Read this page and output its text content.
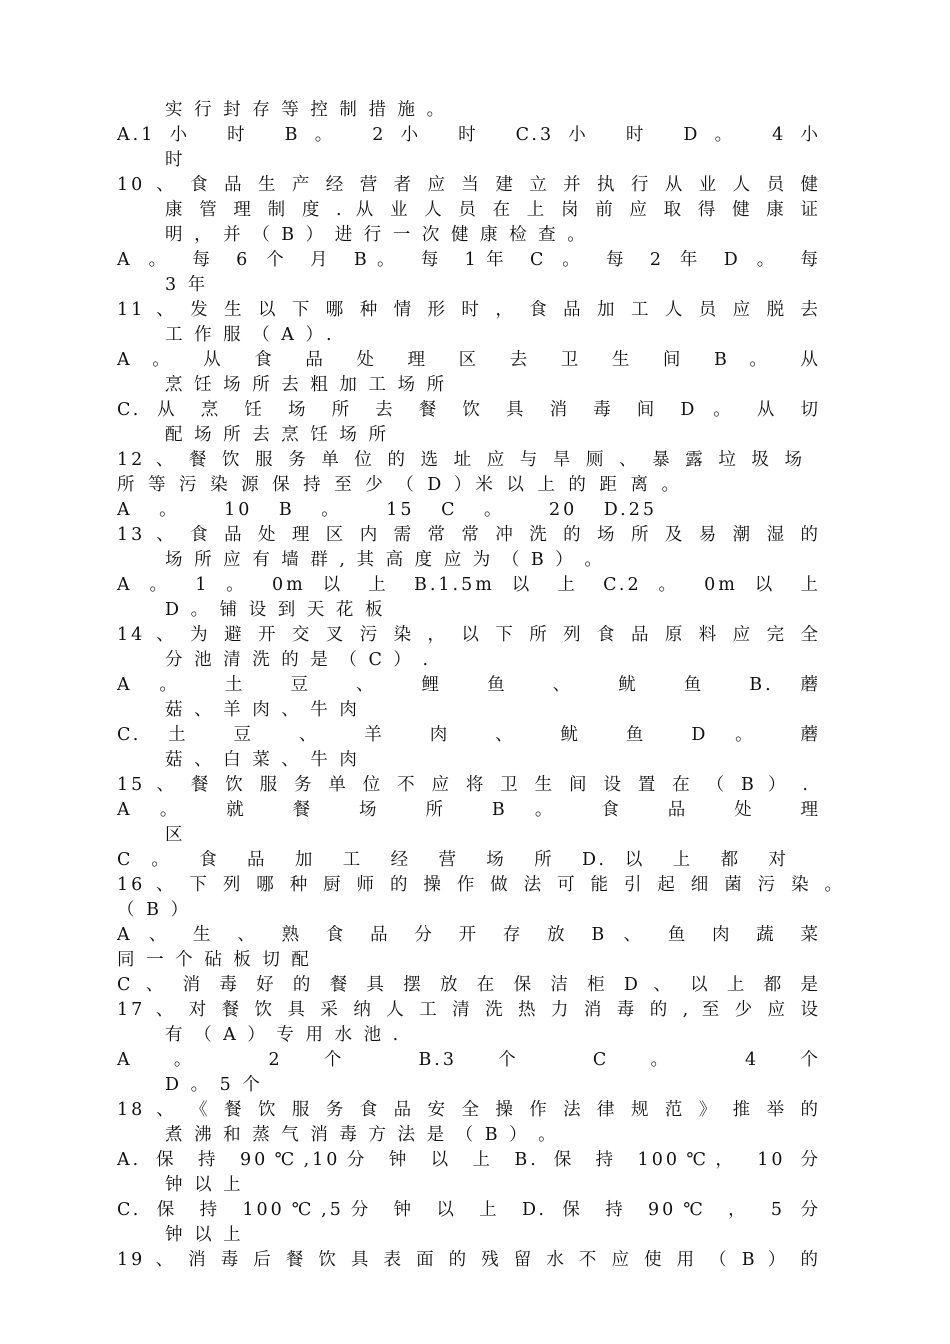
实 行 封 存 等 控 制 措 施 。
A.1小 时 B。 2小 时 C.3小 时 D。 4小
时
10 、 食 品 生 产 经 营 者 应 当 建 立 并 执 行 从 业 人 员 健
康 管 理 制 度 . 从 业 人 员 在 上 岗 前 应 取 得 健 康 证
明 ， 并 （ B ） 进 行 一 次 健 康 检 查 。
A 。 每 6 个 月 B。 每 1年 C 。 每 2 年 D 。 每
3 年
11 、 发 生 以 下 哪 种 情 形 时 ， 食 品 加 工 人 员 应 脱 去
工 作 服 （ A ）.
A 。 从 食 品 处 理 区 去 卫 生 间 B 。 从
烹 饪 场 所 去 粗 加 工 场 所
C. 从 烹 饪 场 所 去 餐 饮 具 消 毒 间 D 。 从 切
配 场 所 去 烹 饪 场 所
12 、 餐 饮 服 务 单 位 的 选 址 应 与 旱 厕 、 暴 露 垃 圾 场
所 等 污 染 源 保 持 至 少 （ D ）米 以 上 的 距 离 。
A 。 10 B 。 15 C 。 20 D.25
13 、 食 品 处 理 区 内 需 常 常 冲 洗 的 场 所 及 易 潮 湿 的
场 所 应 有 墙 群 , 其 高 度 应 为 （ B ） 。
A 。 1 。 0m 以 上 B.1.5m 以 上 C.2 。 0m 以 上
D 。 铺 设 到 天 花 板
14 、 为 避 开 交 叉 污 染 ， 以 下 所 列 食 品 原 料 应 完 全
分 池 清 洗 的 是 （ C ） .
A 。 土 豆 、 鲤 鱼 、 鱿 鱼 B. 蘑
菇 、 羊 肉 、 牛 肉
C. 土 豆 、 羊 肉 、 鱿 鱼 D 。 蘑
菇 、 白 菜 、 牛 肉
15 、 餐 饮 服 务 单 位 不 应 将 卫 生 间 设 置 在 （ B ） .
A 。 就 餐 场 所 B 。 食 品 处 理
区
C 。 食 品 加 工 经 营 场 所 D. 以 上 都 对
16 、 下 列 哪 种 厨 师 的 操 作 做 法 可 能 引 起 细 菌 污 染 。
（ B ）
A 、 生 、 熟 食 品 分 开 存 放 B 、 鱼 肉 蔬 菜
同 一 个 砧 板 切 配
C 、 消 毒 好 的 餐 具 摆 放 在 保 洁 柜 D 、 以 上 都 是
17 、 对 餐 饮 具 采 纳 人 工 清 洗 热 力 消 毒 的 , 至 少 应 设
有 （ A ） 专 用 水 池 .
A 。 2 个 B.3 个 C 。 4 个
D 。 5 个
18 、 《 餐 饮 服 务 食 品 安 全 操 作 法 律 规 范 》 推 举 的
煮 沸 和 蒸 气 消 毒 方 法 是 （ B ） 。
A. 保 持 90℃,10分 钟 以 上 B. 保 持 100℃， 10 分
钟 以 上
C. 保 持 100℃,5分 钟 以 上 D. 保 持 90℃ ， 5 分
钟 以 上
19 、 消 毒 后 餐 饮 具 表 面 的 残 留 水 不 应 使 用 （ B ） 的
